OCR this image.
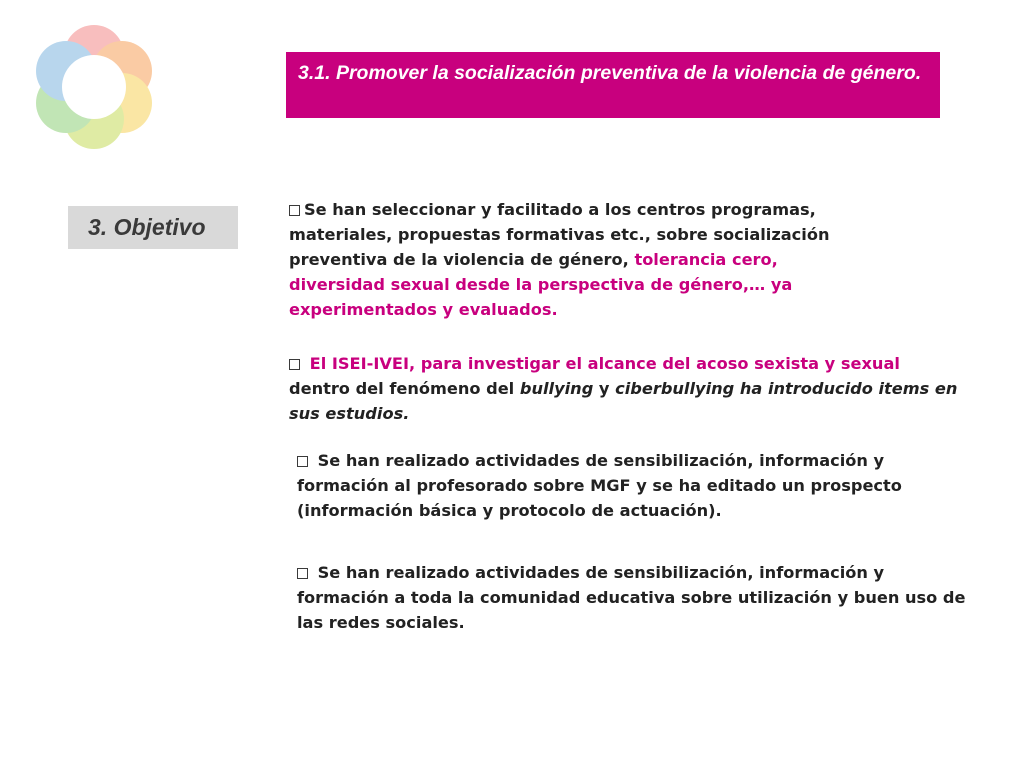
3.1. Promover la socialización preventiva de la violencia de género.

3. Objetivo

Se han seleccionar y facilitado a los centros programas, materiales, propuestas formativas etc., sobre socialización preventiva de la violencia de género, tolerancia cero, diversidad sexual desde la perspectiva de género,… ya experimentados y evaluados.

El ISEI-IVEI, para investigar el alcance del acoso sexista y sexual
dentro del fenómeno del bullying y ciberbullying ha introducido items en sus estudios.

Se han realizado actividades de sensibilización, información y formación al profesorado sobre MGF y se ha editado un prospecto (información básica y protocolo de actuación).

Se han realizado actividades de sensibilización, información y formación a toda la comunidad educativa sobre utilización y buen uso de las redes sociales.
